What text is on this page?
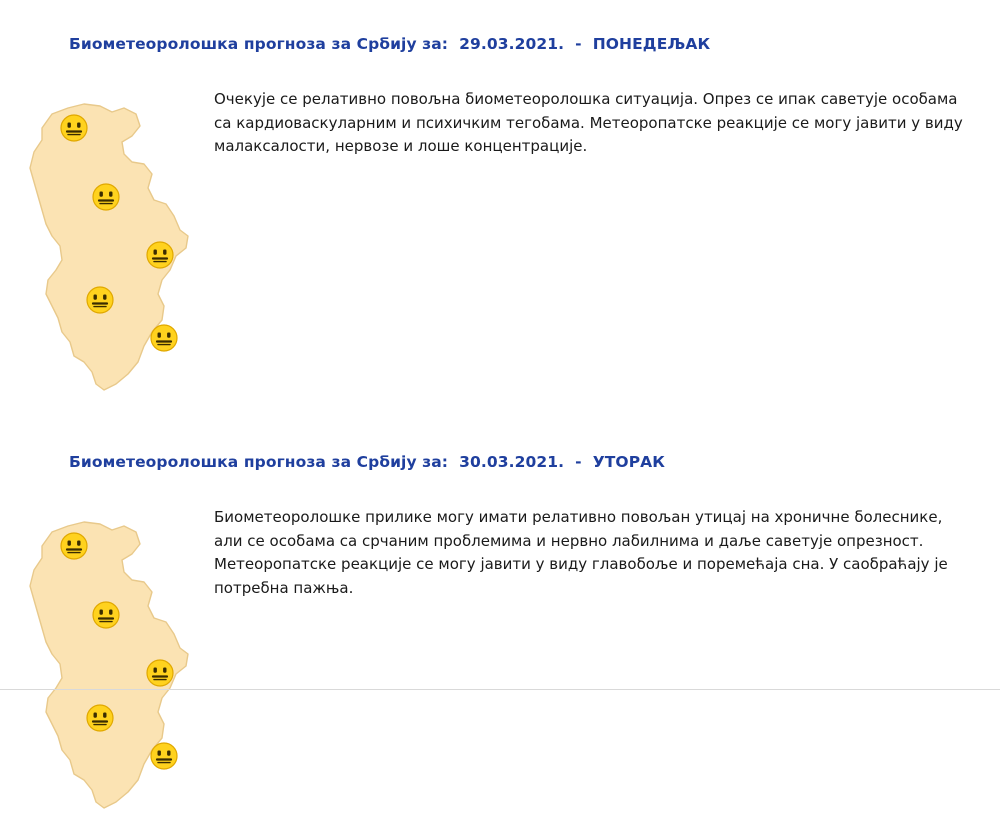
Биометеоролошка прогноза за Србију за: 29.03.2021. - ПОНЕДЕЉАК

Очекује се релативно повољна биометеоролошка ситуација. Опрез се ипак саветује особама са кардиоваскуларним и психичким тегобама. Метеоропатске реакције се могу јавити у виду малаксалости, нервозе и лоше концентрације.

Биометеоролошка прогноза за Србију за: 30.03.2021. - УТОРАК

Биометеоролошке прилике могу имати релативно повољан утицај на хроничне болеснике, али се особама са срчаним проблемима и нервно лабилнима и даље саветује опрезност. Метеоропатске реакције се могу јавити у виду главобоље и поремећаја сна. У саобраћају је потребна пажња.
